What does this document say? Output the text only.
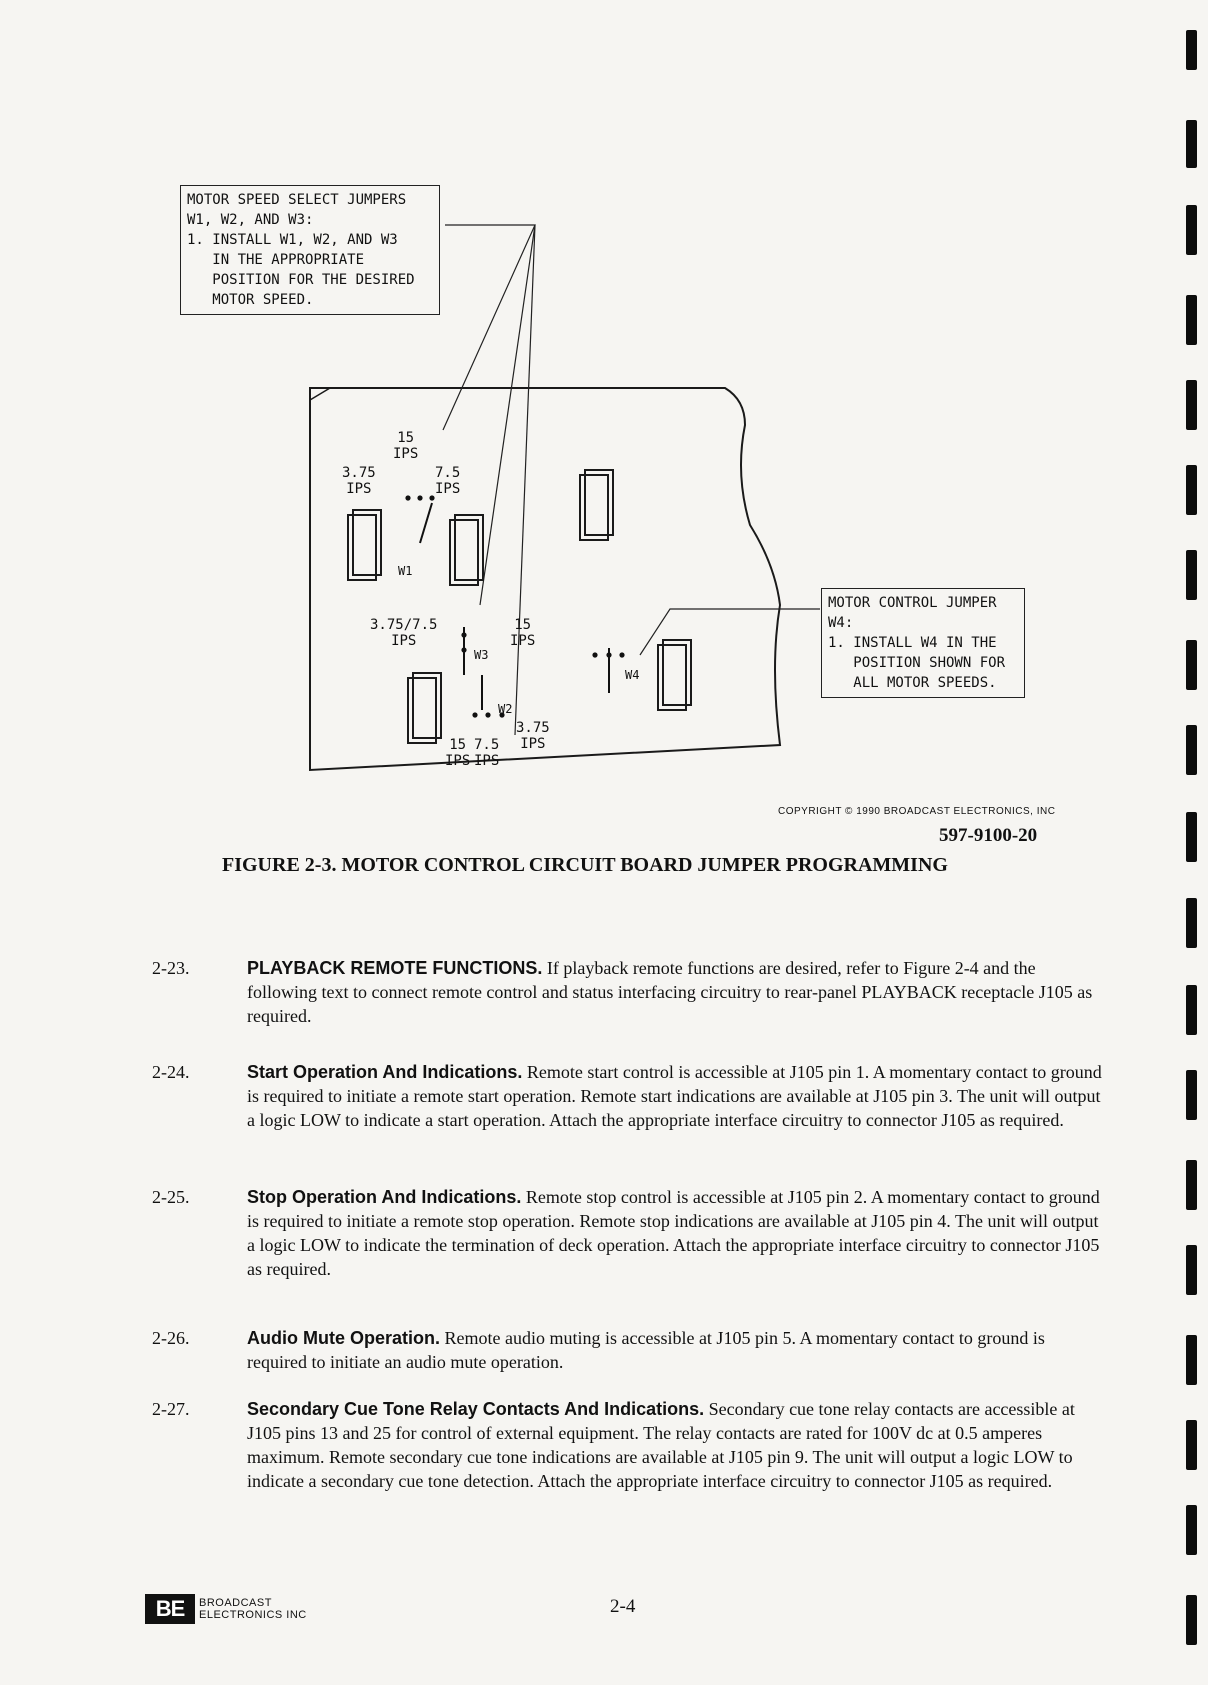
MOTOR SPEED SELECT JUMPERS
W1, W2, AND W3:
1. INSTALL W1, W2, AND W3
IN THE APPROPRIATE
POSITION FOR THE DESIRED
MOTOR SPEED.
MOTOR CONTROL JUMPER
W4:
1. INSTALL W4 IN THE
POSITION SHOWN FOR
ALL MOTOR SPEEDS.
15
IPS
3.75
IPS
7.5
IPS
W1
3.75/7.5
IPS
15
IPS
W3
W2
3.75
IPS
15
IPS
7.5
IPS
W4
COPYRIGHT © 1990 BROADCAST ELECTRONICS, INC
597-9100-20
FIGURE 2-3. MOTOR CONTROL CIRCUIT BOARD JUMPER PROGRAMMING
2-23.	PLAYBACK REMOTE FUNCTIONS. If playback remote functions are desired, refer to Figure 2-4 and the following text to connect remote control and status interfacing circuitry to rear-panel PLAYBACK receptacle J105 as required.
2-24.	Start Operation And Indications. Remote start control is accessible at J105 pin 1. A momentary contact to ground is required to initiate a remote start operation. Remote start indications are available at J105 pin 3. The unit will output a logic LOW to indicate a start operation. Attach the appropriate interface circuitry to connector J105 as required.
2-25.	Stop Operation And Indications. Remote stop control is accessible at J105 pin 2. A momentary contact to ground is required to initiate a remote stop operation. Remote stop indications are available at J105 pin 4. The unit will output a logic LOW to indicate the termination of deck operation. Attach the appropriate interface circuitry to connector J105 as required.
2-26.	Audio Mute Operation. Remote audio muting is accessible at J105 pin 5. A momentary contact to ground is required to initiate an audio mute operation.
2-27.	Secondary Cue Tone Relay Contacts And Indications. Secondary cue tone relay contacts are accessible at J105 pins 13 and 25 for control of external equipment. The relay contacts are rated for 100V dc at 0.5 amperes maximum. Remote secondary cue tone indications are available at J105 pin 9. The unit will output a logic LOW to indicate a secondary cue tone detection. Attach the appropriate interface circuitry to connector J105 as required.
BE	BROADCAST
ELECTRONICS INC	2-4
